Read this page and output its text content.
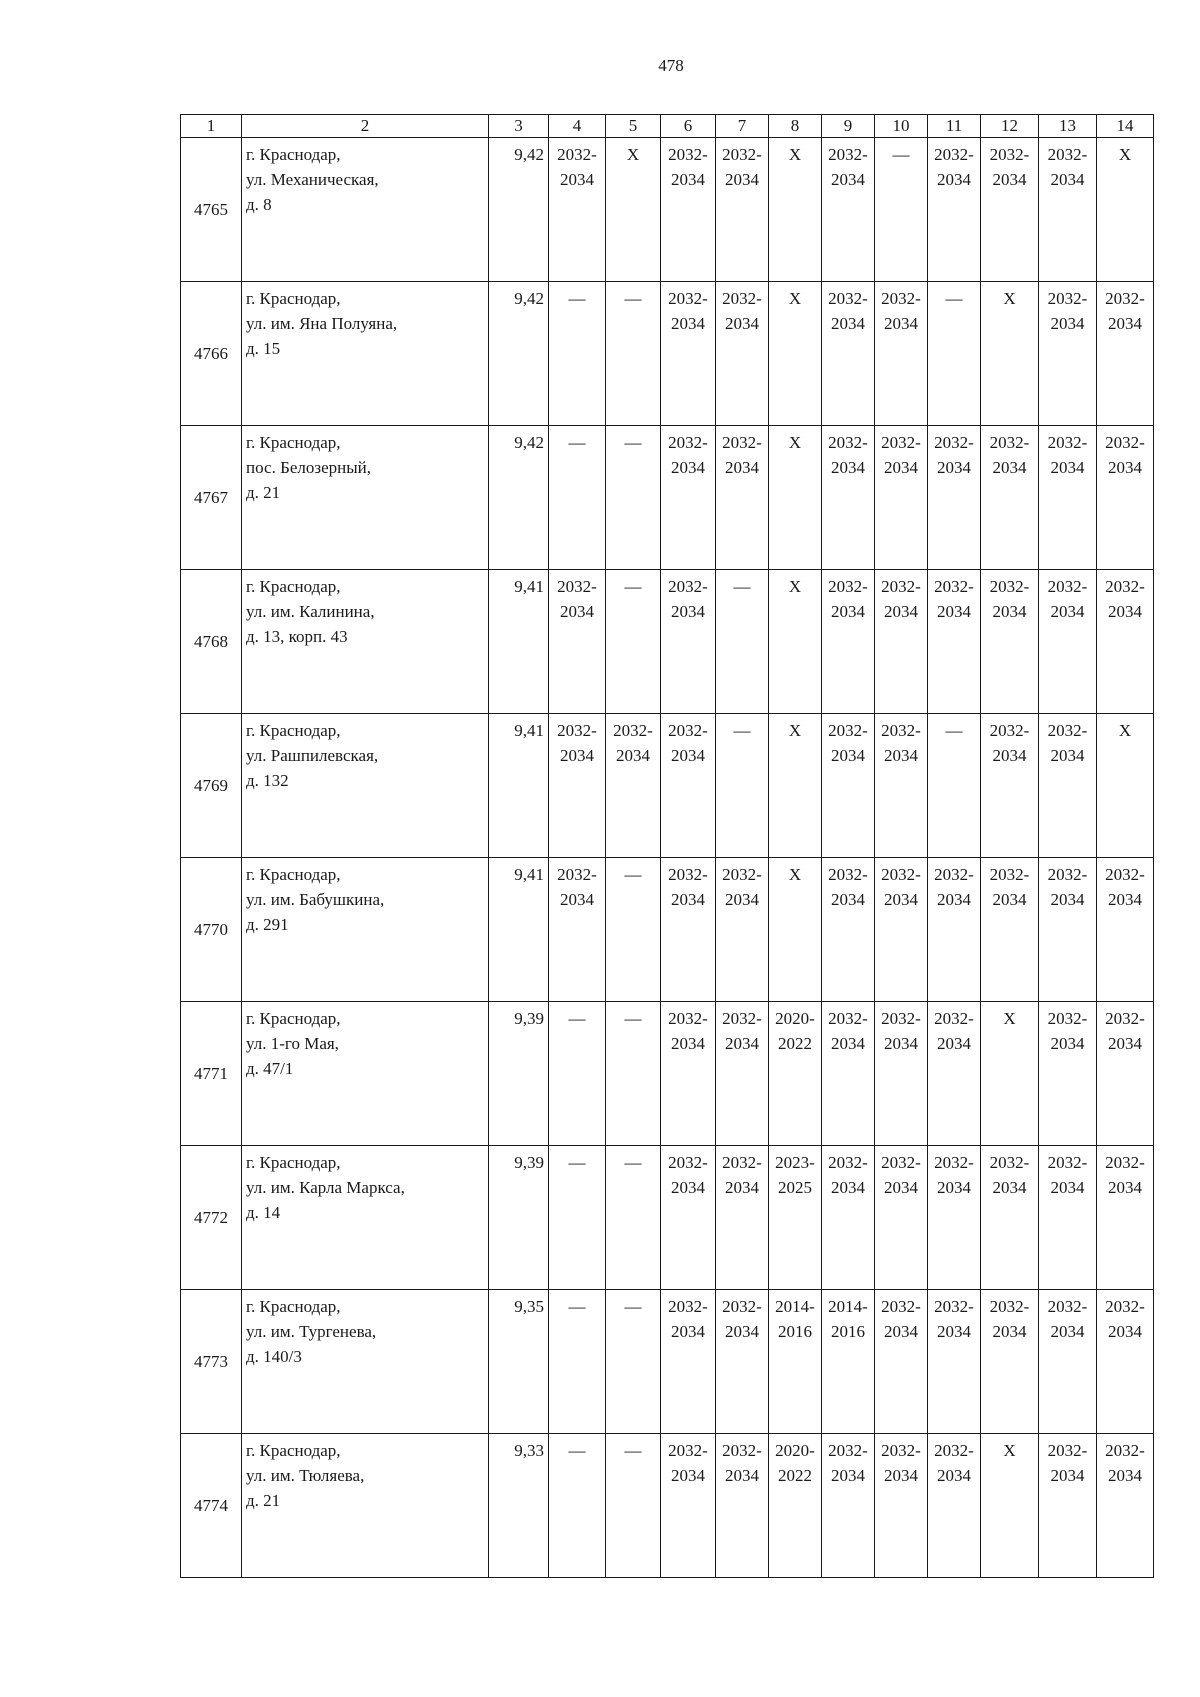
478
1	2	3	4	5	6	7	8	9	10	11	12	13	14
4765	г. Краснодар,
ул. Механическая,
д. 8	9,42	2032-
2034	Х	2032-
2034	2032-
2034	Х	2032-
2034	—	2032-
2034	2032-
2034	2032-
2034	Х
4766	г. Краснодар,
ул. им. Яна Полуяна,
д. 15	9,42	—	—	2032-
2034	2032-
2034	Х	2032-
2034	2032-
2034	—	Х	2032-
2034	2032-
2034
4767	г. Краснодар,
пос. Белозерный,
д. 21	9,42	—	—	2032-
2034	2032-
2034	Х	2032-
2034	2032-
2034	2032-
2034	2032-
2034	2032-
2034	2032-
2034
4768	г. Краснодар,
ул. им. Калинина,
д. 13, корп. 43	9,41	2032-
2034	—	2032-
2034	—	Х	2032-
2034	2032-
2034	2032-
2034	2032-
2034	2032-
2034	2032-
2034
4769	г. Краснодар,
ул. Рашпилевская,
д. 132	9,41	2032-
2034	2032-
2034	2032-
2034	—	Х	2032-
2034	2032-
2034	—	2032-
2034	2032-
2034	Х
4770	г. Краснодар,
ул. им. Бабушкина,
д. 291	9,41	2032-
2034	—	2032-
2034	2032-
2034	Х	2032-
2034	2032-
2034	2032-
2034	2032-
2034	2032-
2034	2032-
2034
4771	г. Краснодар,
ул. 1-го Мая,
д. 47/1	9,39	—	—	2032-
2034	2032-
2034	2020-
2022	2032-
2034	2032-
2034	2032-
2034	Х	2032-
2034	2032-
2034
4772	г. Краснодар,
ул. им. Карла Маркса,
д. 14	9,39	—	—	2032-
2034	2032-
2034	2023-
2025	2032-
2034	2032-
2034	2032-
2034	2032-
2034	2032-
2034	2032-
2034
4773	г. Краснодар,
ул. им. Тургенева,
д. 140/3	9,35	—	—	2032-
2034	2032-
2034	2014-
2016	2014-
2016	2032-
2034	2032-
2034	2032-
2034	2032-
2034	2032-
2034
4774	г. Краснодар,
ул. им. Тюляева,
д. 21	9,33	—	—	2032-
2034	2032-
2034	2020-
2022	2032-
2034	2032-
2034	2032-
2034	Х	2032-
2034	2032-
2034
